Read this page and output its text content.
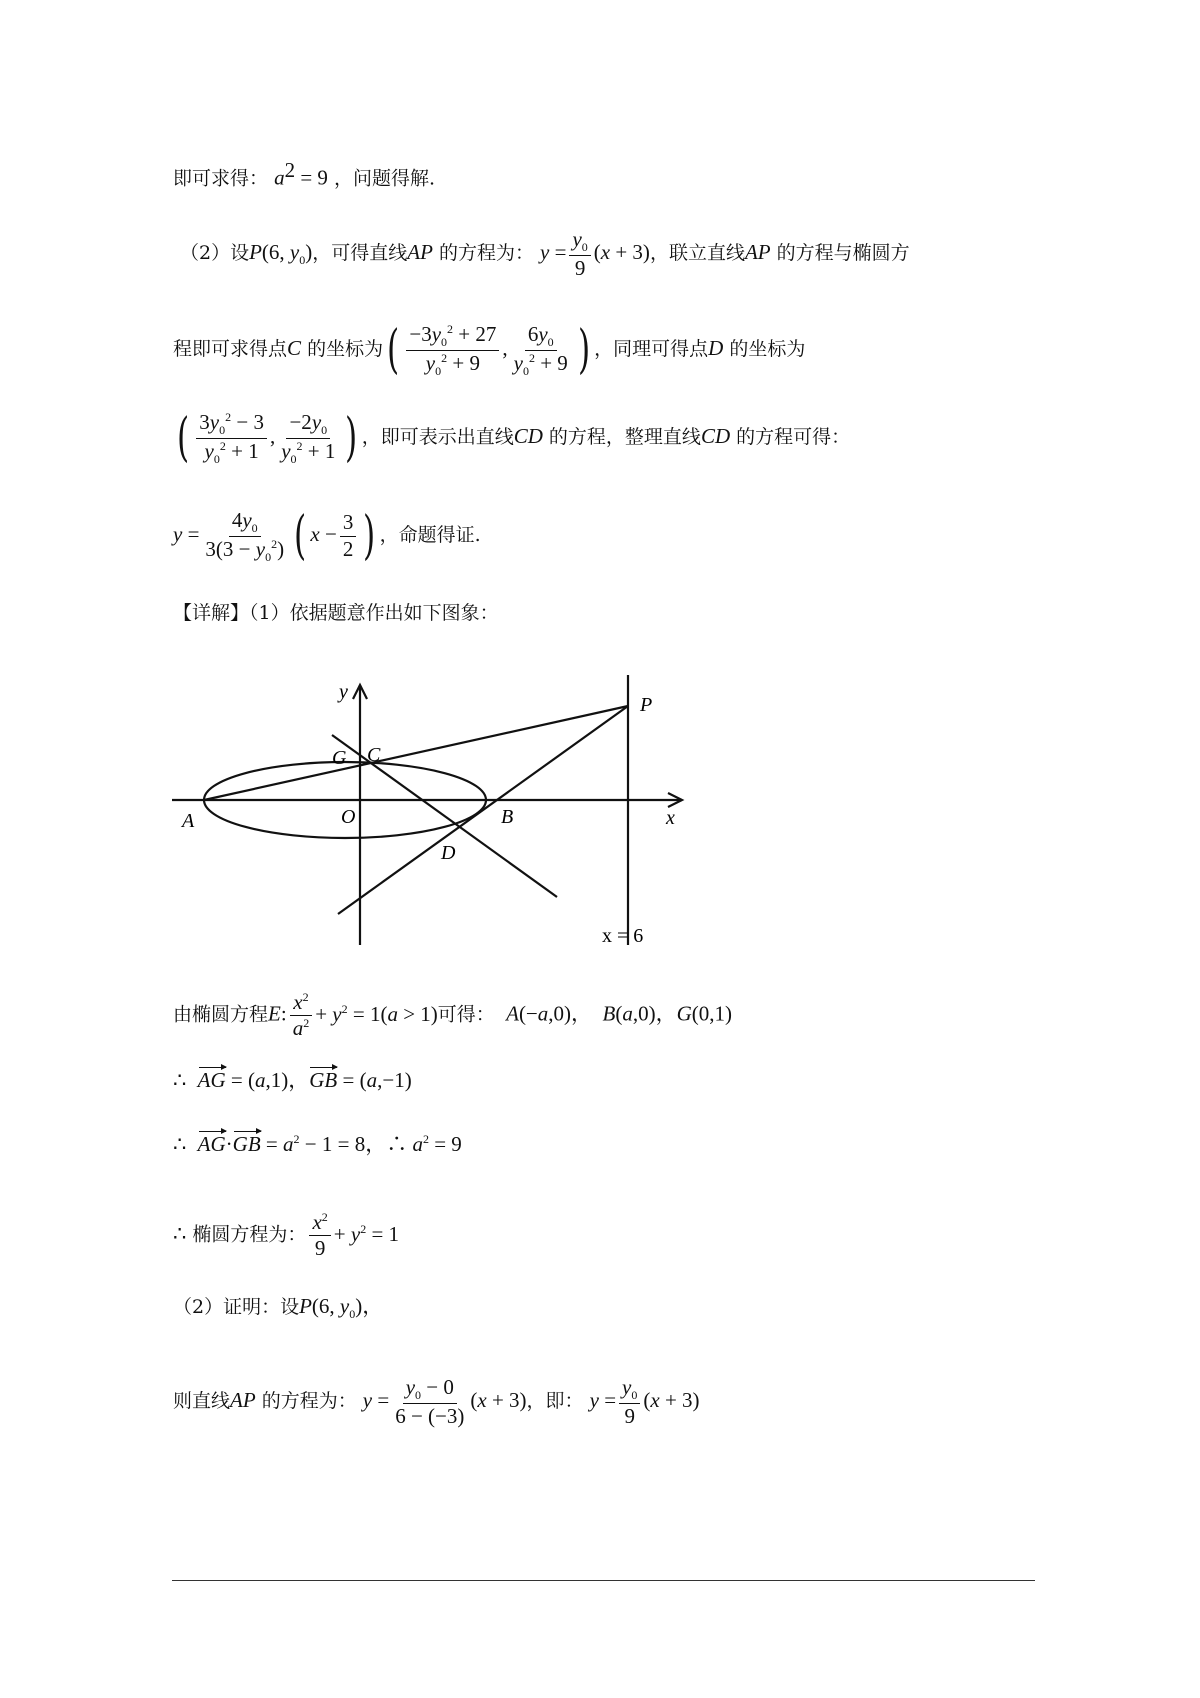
即可求得： $a^2 = 9$ ，问题得解.
（2）设P(6, $y_0$)，可得直线AP 的方程为： $y = \frac{y_0}{9} (x + 3)$，联立直线AP 的方程与椭圆方
程即可求得点C 的坐标为( $\frac{-3y_0^2 + 27}{y_0^2 + 9}$ , $\frac{6y_0}{y_0^2 + 9}$ ) ，同理可得点D 的坐标为
( $\frac{3y_0^2 - 3}{y_0^2 + 1}$ , $\frac{-2y_0}{y_0^2 + 1}$ ) ，即可表示出直线CD 的方程，整理直线CD 的方程可得：
$y = \frac{4y_0}{3(3 - y_0^2)}$ ( $x - \frac{3}{2}$ ) ，命题得证.
【详解】（1）依据题意作出如下图象：
y
x
P
G C
A	O	B
D
x = 6
由椭圆方程E: $\frac{x^2}{a^2} + y^2 = 1(a > 1)$可得： A(−a,0)，  B(a,0)，G(0,1)
∴ AG = (a,1)，GB = (a,−1)
∴ $AG\cdot GB = a^2 - 1 = 8$，∴ $a^2 = 9$
∴ 椭圆方程为： $\frac{x^2}{9} + y^2 = 1$
（2）证明：设P(6, $y_0$)，
则直线AP 的方程为： $y = \frac{y_0 - 0}{6 - (-3)} (x + 3)$，即： $y = \frac{y_0}{9} (x + 3)$
